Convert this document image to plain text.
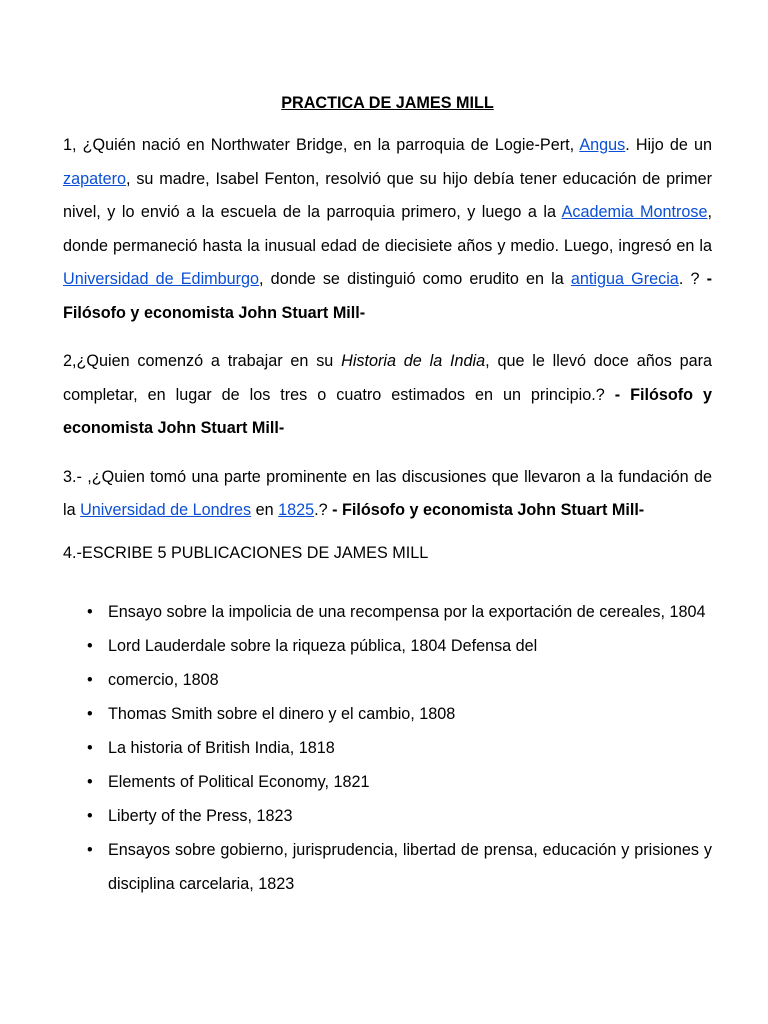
PRACTICA DE JAMES MILL

1, ¿Quién nació en Northwater Bridge, en la parroquia de Logie-Pert, Angus. Hijo de un zapatero, su madre, Isabel Fenton, resolvió que su hijo debía tener educación de primer nivel, y lo envió a la escuela de la parroquia primero, y luego a la Academia Montrose, donde permaneció hasta la inusual edad de diecisiete años y medio. Luego, ingresó en la Universidad de Edimburgo, donde se distinguió como erudito en la antigua Grecia. ? - Filósofo y economista John Stuart Mill-

2,¿Quien comenzó a trabajar en su Historia de la India, que le llevó doce años para completar, en lugar de los tres o cuatro estimados en un principio.? - Filósofo y economista John Stuart Mill-

3.- ,¿Quien tomó una parte prominente en las discusiones que llevaron a la fundación de la Universidad de Londres en 1825.? - Filósofo y economista John Stuart Mill-

4.-ESCRIBE 5 PUBLICACIONES DE JAMES MILL

• Ensayo sobre la impolicia de una recompensa por la exportación de cereales, 1804
• Lord Lauderdale sobre la riqueza pública, 1804 Defensa del
• comercio, 1808
• Thomas Smith sobre el dinero y el cambio, 1808
• La historia of British India, 1818
• Elements of Political Economy, 1821
• Liberty of the Press, 1823
• Ensayos sobre gobierno, jurisprudencia, libertad de prensa, educación y prisiones y disciplina carcelaria, 1823
